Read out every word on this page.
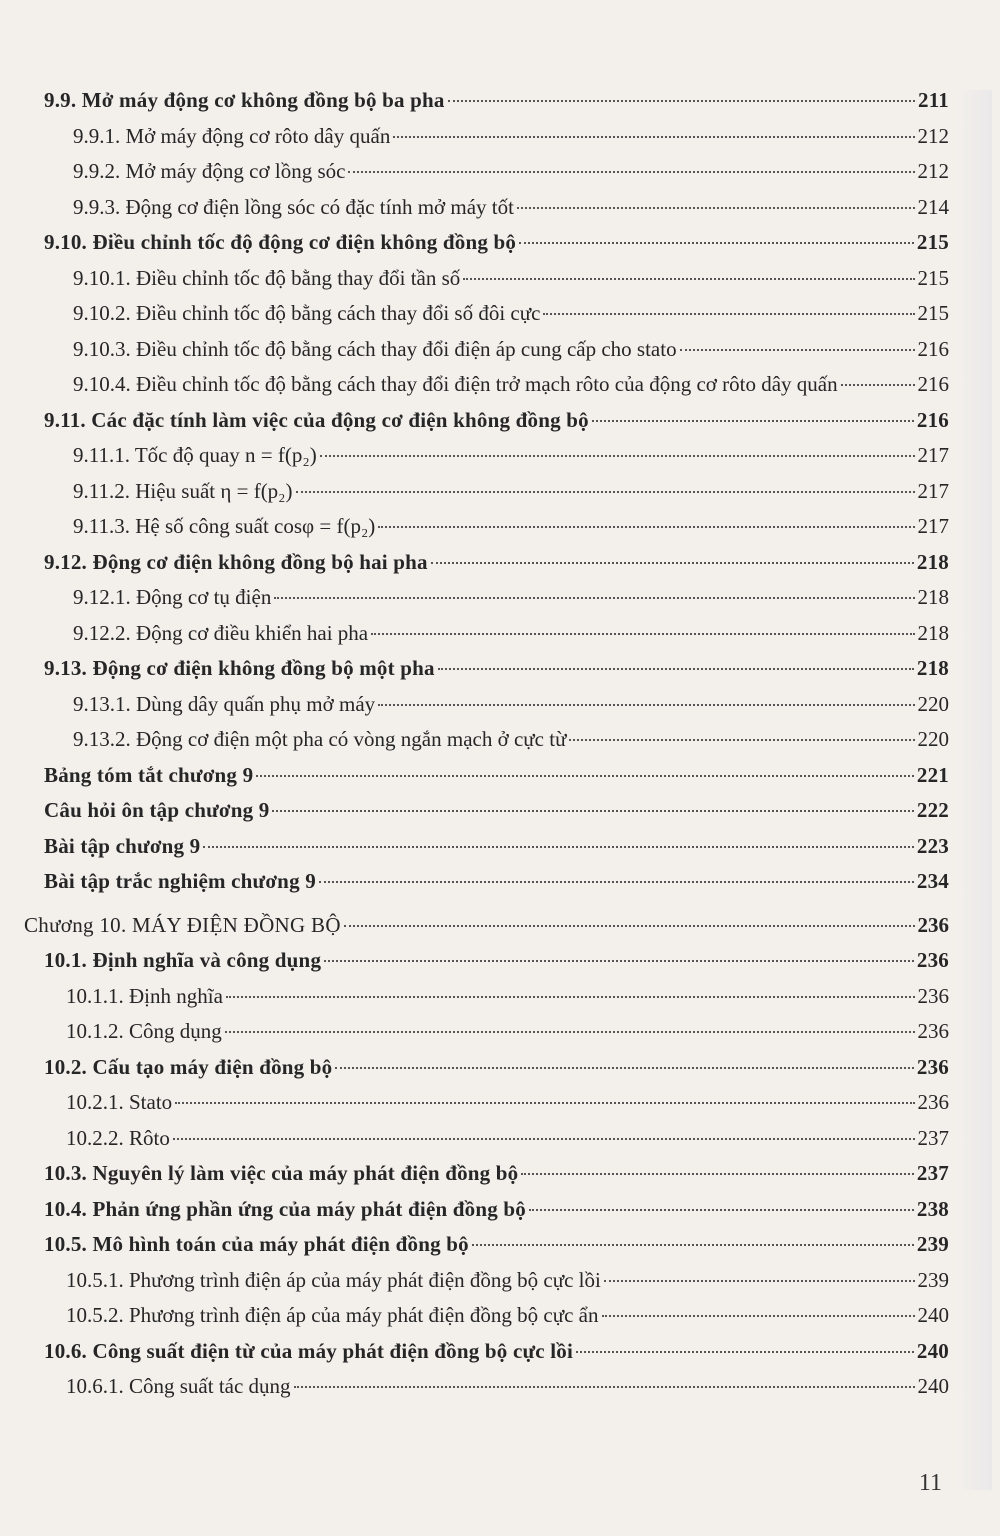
9.9. Mở máy động cơ không đồng bộ ba pha	211
9.9.1. Mở máy động cơ rôto dây quấn	212
9.9.2. Mở máy động cơ lồng sóc	212
9.9.3. Động cơ điện lồng sóc có đặc tính mở máy tốt	214
9.10. Điều chỉnh tốc độ động cơ điện không đồng bộ	215
9.10.1. Điều chỉnh tốc độ bằng thay đổi tần số	215
9.10.2. Điều chỉnh tốc độ bằng cách thay đổi số đôi cực	215
9.10.3. Điều chỉnh tốc độ bằng cách thay đổi điện áp cung cấp cho stato	216
9.10.4. Điều chỉnh tốc độ bằng cách thay đổi điện trở mạch rôto của động cơ rôto dây quấn	216
9.11. Các đặc tính làm việc của động cơ điện không đồng bộ	216
9.11.1. Tốc độ quay n = f(p₂)	217
9.11.2. Hiệu suất η = f(p₂)	217
9.11.3. Hệ số công suất cosφ = f(p₂)	217
9.12. Động cơ điện không đồng bộ hai pha	218
9.12.1. Động cơ tụ điện	218
9.12.2. Động cơ điều khiển hai pha	218
9.13. Động cơ điện không đồng bộ một pha	218
9.13.1. Dùng dây quấn phụ mở máy	220
9.13.2. Động cơ điện một pha có vòng ngắn mạch ở cực từ	220
Bảng tóm tắt chương 9	221
Câu hỏi ôn tập chương 9	222
Bài tập chương 9	223
Bài tập trắc nghiệm chương 9	234
Chương 10. MÁY ĐIỆN ĐỒNG BỘ	236
10.1. Định nghĩa và công dụng	236
10.1.1. Định nghĩa	236
10.1.2. Công dụng	236
10.2. Cấu tạo máy điện đồng bộ	236
10.2.1. Stato	236
10.2.2. Rôto	237
10.3. Nguyên lý làm việc của máy phát điện đồng bộ	237
10.4. Phản ứng phần ứng của máy phát điện đồng bộ	238
10.5. Mô hình toán của máy phát điện đồng bộ	239
10.5.1. Phương trình điện áp của máy phát điện đồng bộ cực lồi	239
10.5.2. Phương trình điện áp của máy phát điện đồng bộ cực ẩn	240
10.6. Công suất điện từ của máy phát điện đồng bộ cực lồi	240
10.6.1. Công suất tác dụng	240
11
